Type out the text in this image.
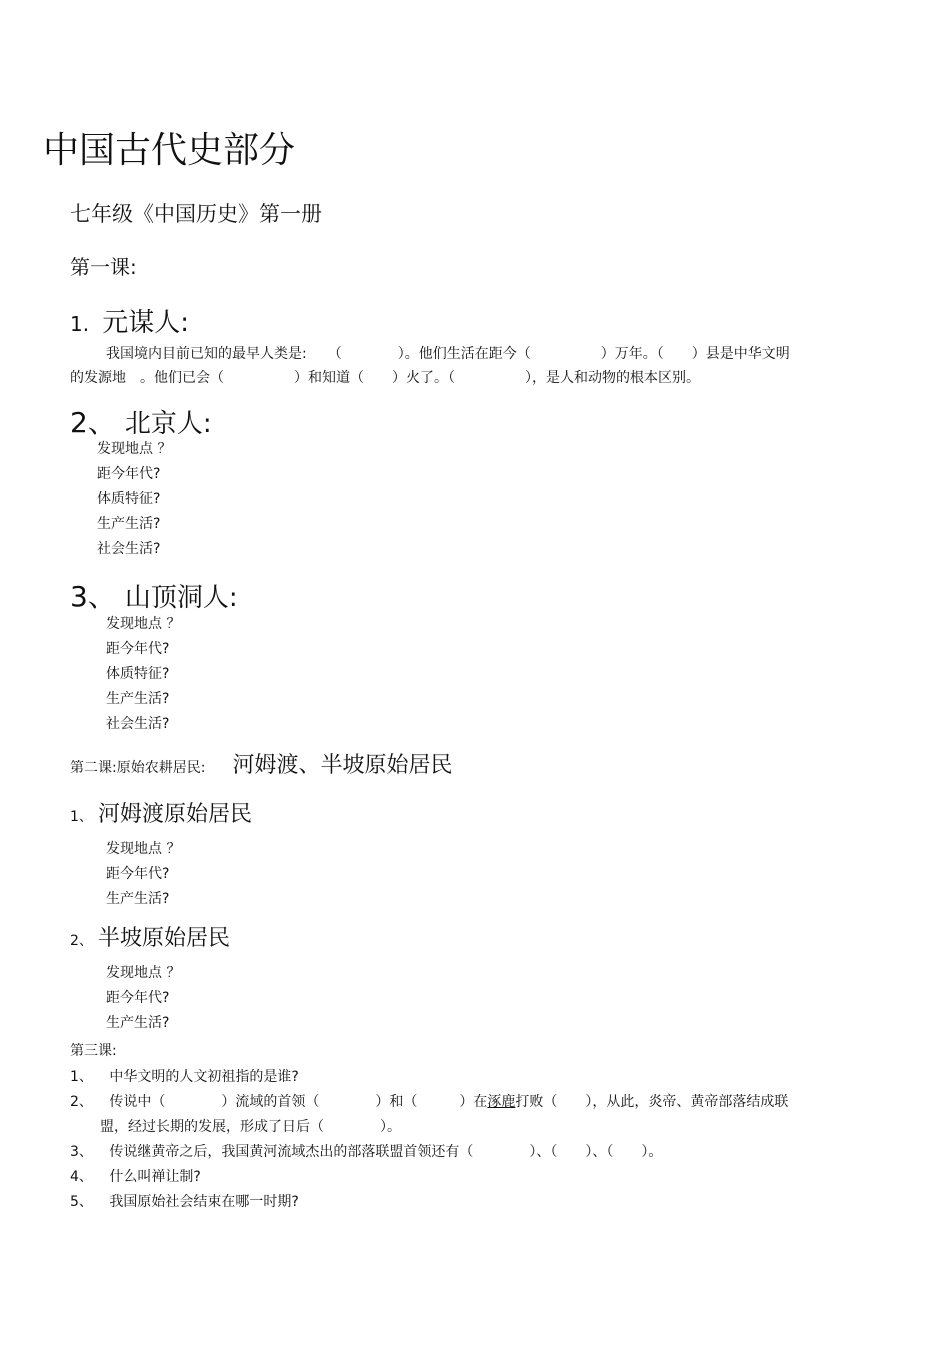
中国古代史部分
七年级《中国历史》第一册
第一课:
1. 元谋人:
我国境内目前已知的最早人类是:　　（　　　　）。他们生活在距今（　　　　　）万年。（　　）县是中华文明
的发源地　。他们已会（　　　　　）和知道（　　）火了。（　　　　　），是人和动物的根本区别。
2、 北京人:
发现地点 ？
距今年代?
体质特征?
生产生活?
社会生活?
3、 山顶洞人:
发现地点 ？
距今年代?
体质特征?
生产生活?
社会生活?
第二课:原始农耕居民: 河姆渡、半坡原始居民
1、 河姆渡原始居民
发现地点 ？
距今年代?
生产生活?
2、 半坡原始居民
发现地点 ？
距今年代?
生产生活?
第三课:
1、 中华文明的人文初祖指的是谁?
2、 传说中（　　　　）流域的首领（　　　　）和（　　　）在涿鹿打败（　　），从此，炎帝、黄帝部落结成联
盟，经过长期的发展，形成了日后（　　　　）。
3、 传说继黄帝之后，我国黄河流域杰出的部落联盟首领还有（　　　　）、（　　）、（　　）。
4、 什么叫禅让制?
5、 我国原始社会结束在哪一时期?
